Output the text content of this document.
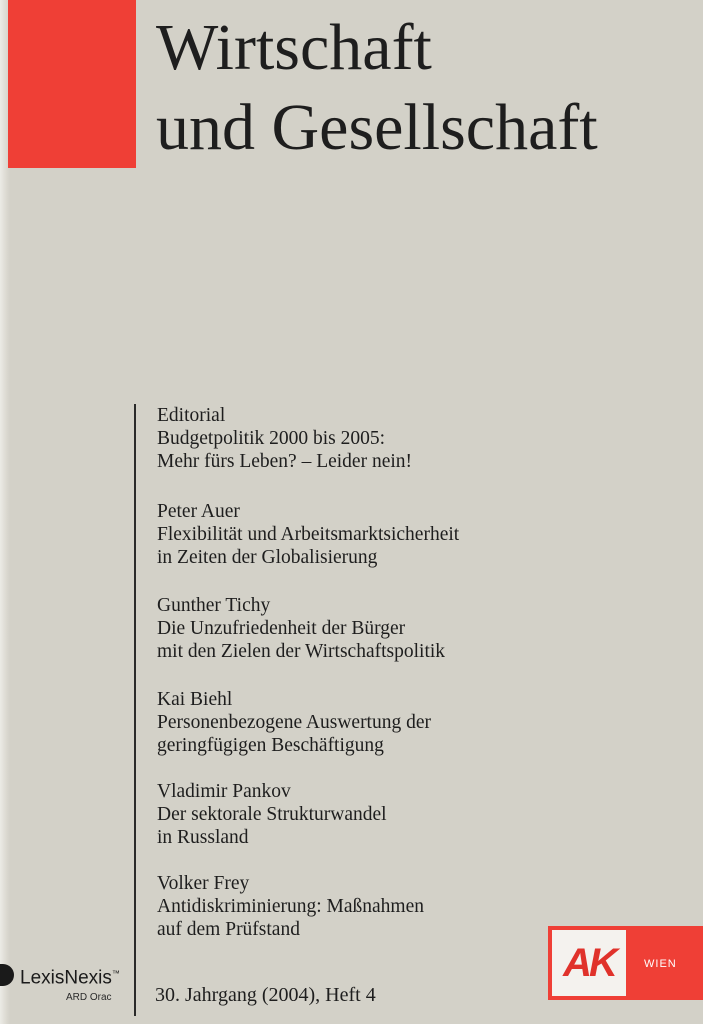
Wirtschaft
und Gesellschaft
Editorial
Budgetpolitik 2000 bis 2005:
Mehr fürs Leben? – Leider nein!
Peter Auer
Flexibilität und Arbeitsmarktsicherheit
in Zeiten der Globalisierung
Gunther Tichy
Die Unzufriedenheit der Bürger
mit den Zielen der Wirtschaftspolitik
Kai Biehl
Personenbezogene Auswertung der
geringfügigen Beschäftigung
Vladimir Pankov
Der sektorale Strukturwandel
in Russland
Volker Frey
Antidiskriminierung: Maßnahmen
auf dem Prüfstand
30. Jahrgang (2004), Heft 4
LexisNexis™
ARD Orac
AK	WIEN
